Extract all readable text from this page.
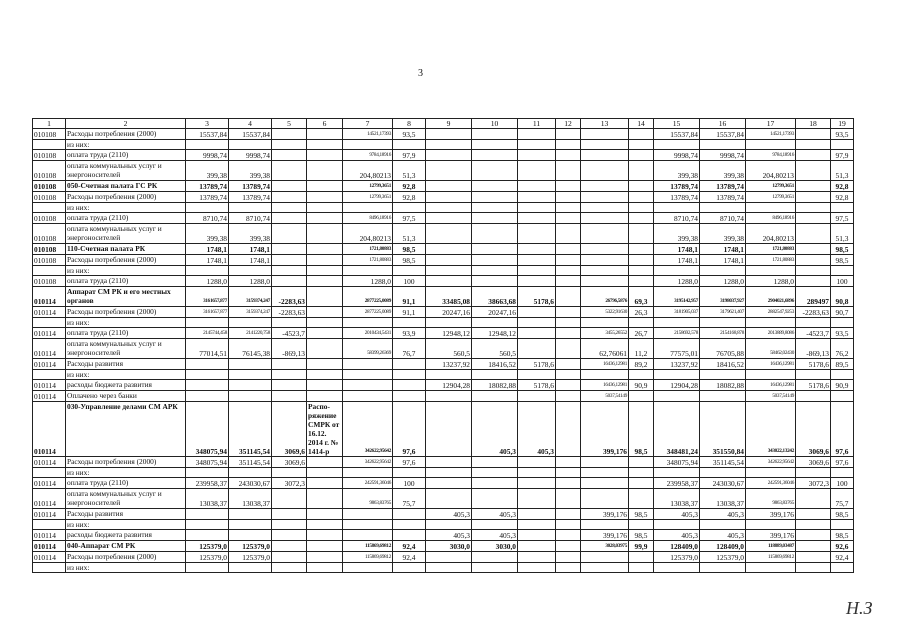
3
1	2	3	4	5	6	7	8	9	10	11	12	13	14	15	16	17	18	19
010108	Расходы потребления (2000)	15537,84	15537,84			14521,17393	93,5							15537,84	15537,84	14521,17393		93,5
	из них:																	
010108	оплата труда (2110)	9998,74	9998,74			9784,18916	97,9							9998,74	9998,74	9784,18916		97,9
010108	оплата коммунальных услуг и энергоносителей	399,38	399,38			204,80213	51,3							399,38	399,38	204,80213		51,3
010108	050-Счетная палата ГС РК	13789,74	13789,74			12799,3651	92,8							13789,74	13789,74	12799,3651		92,8
010108	Расходы потребления (2000)	13789,74	13789,74			12799,3651	92,8							13789,74	13789,74	12799,3651		92,8
	из них:																	
010108	оплата труда (2110)	8710,74	8710,74			8496,18916	97,5							8710,74	8710,74	8496,18916		97,5
010108	оплата коммунальных услуг и энергоносителей	399,38	399,38			204,80213	51,3							399,38	399,38	204,80213		51,3
010108	110-Счетная палата РК	1748,1	1748,1			1721,80883	98,5							1748,1	1748,1	1721,80883		98,5
010108	Расходы потребления (2000)	1748,1	1748,1			1721,80883	98,5							1748,1	1748,1	1721,80883		98,5
	из них:																	
010108	оплата труда (2110)	1288,0	1288,0			1288,0	100							1288,0	1288,0	1288,0		100
010114	Аппарат СМ РК и его местных органов	3161657,877	3159374,247	-2283,63		2877225,0089	91,1	33485,08	38663,68	5178,6		26796,5876	69,3	3195142,957	3198037,927	2904021,6896	289497	90,8
010114	Расходы потребления (2000)	3161657,877	3159374,247	-2283,63		2877225,0089	91,1	20247,16	20247,16			5322,91630	26,3	3181905,037	3179621,407	2882547,9253	-2283,63	90,7
	из них:																	
010114	оплата труда (2110)	2145744,458	2141220,758	-4523,7		2010434,5431	93,9	12948,12	12948,12			3455,26552	26,7	2158692,578	2154168,878	2013889,8086	-4523,7	93,5
010114	оплата коммунальных услуг и энергоносителей	77014,51	76145,38	-869,13		58399,26369	76,7	560,5	560,5			62,76061	11,2	77575,01	76705,88	58462,02430	-869,13	76,2
010114	Расходы развития							13237,92	18416,52	5178,6		16436,12981	89,2	13237,92	18416,52	16436,12981	5178,6	89,5
	из них:																	
010114	расходы бюджета развития							12904,28	18082,88	5178,6		16436,12981	90,9	12904,28	18082,88	16436,12981	5178,6	90,9
010114	Оплачено через банки											5037,54149				5037,54149		
010114	030-Управление делами СМ АРК	348075,94	351145,54	3069,6	Распо-ряжение СМРК от 16.12. 2014 г. № 1414-р	342622,95642	97,6		405,3	405,3		399,176	98,5	348481,24	351550,84	343022,13242	3069,6	97,6
010114	Расходы потребления (2000)	348075,94	351145,54	3069,6		342622,95642	97,6							348075,94	351145,54	342622,95642	3069,6	97,6
	из них:																	
010114	оплата труда (2110)	239958,37	243030,67	3072,3		242591,36046	100							239958,37	243030,67	242591,36046	3072,3	100
010114	оплата коммунальных услуг и энергоносителей	13038,37	13038,37			9863,83765	75,7							13038,37	13038,37	9863,83765		75,7
010114	Расходы развития							405,3	405,3			399,176	98,5	405,3	405,3	399,176		98,5
	из них:																	
010114	расходы бюджета развития							405,3	405,3			399,176	98,5	405,3	405,3	399,176		98,5
010114	040-Аппарат СМ РК	125379,0	125379,0			115869,69812	92,4	3030,0	3030,0			3028,03975	99,9	128409,0	128409,0	118889,03487		92,6
010114	Расходы потребления (2000)	125379,0	125379,0			115869,69812	92,4							125379,0	125379,0	115869,69812		92,4
	из них:																	
Н.З
